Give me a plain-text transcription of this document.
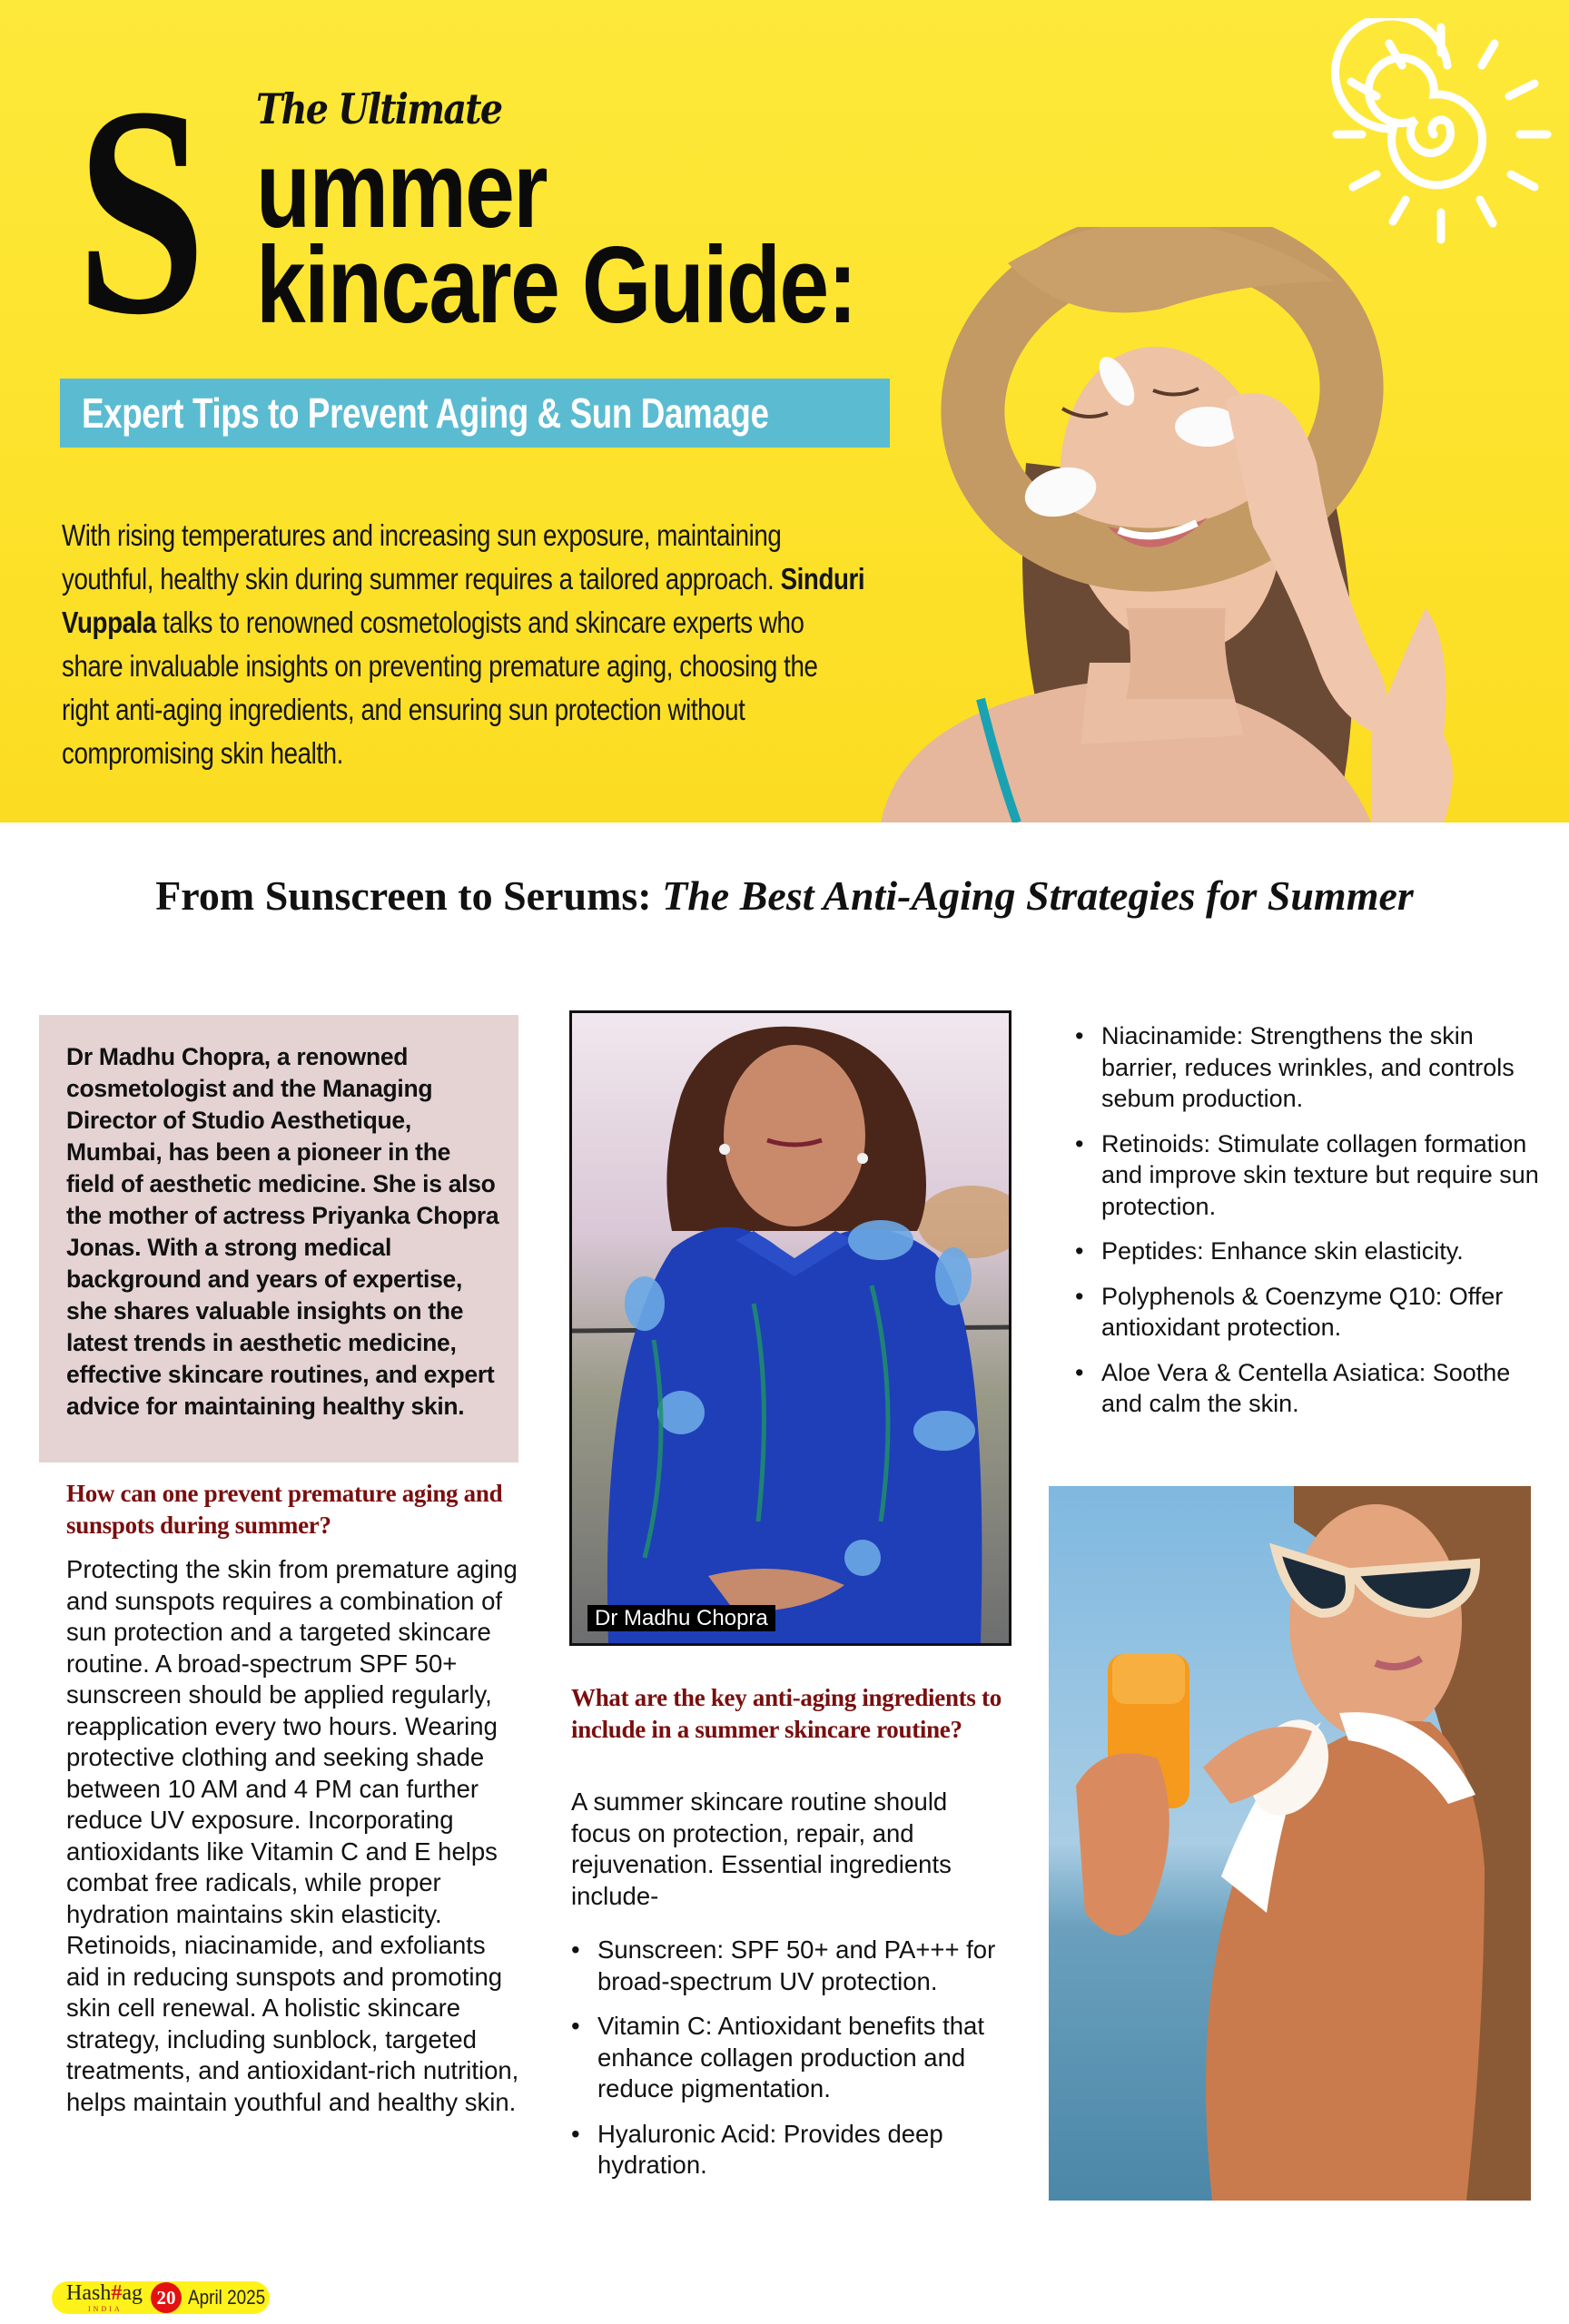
The Ultimate
S ummer
kincare Guide:
Expert Tips to Prevent Aging & Sun Damage
With rising temperatures and increasing sun exposure, maintaining youthful, healthy skin during summer requires a tailored approach. Sinduri Vuppala talks to renowned cosmetologists and skincare experts who share invaluable insights on preventing premature aging, choosing the right anti-aging ingredients, and ensuring sun protection without compromising skin health.
From Sunscreen to Serums: The Best Anti-Aging Strategies for Summer
Dr Madhu Chopra, a renowned cosmetologist and the Managing Director of Studio Aesthetique, Mumbai, has been a pioneer in the field of aesthetic medicine. She is also the mother of actress Priyanka Chopra Jonas. With a strong medical background and years of expertise, she shares valuable insights on the latest trends in aesthetic medicine, effective skincare routines, and expert advice for maintaining healthy skin.
How can one prevent premature aging and sunspots during summer?
Protecting the skin from premature aging and sunspots requires a combination of sun protection and a targeted skincare routine. A broad-spectrum SPF 50+ sunscreen should be applied regularly, reapplication every two hours. Wearing protective clothing and seeking shade between 10 AM and 4 PM can further reduce UV exposure. Incorporating antioxidants like Vitamin C and E helps combat free radicals, while proper hydration maintains skin elasticity. Retinoids, niacinamide, and exfoliants aid in reducing sunspots and promoting skin cell renewal. A holistic skincare strategy, including sunblock, targeted treatments, and antioxidant-rich nutrition, helps maintain youthful and healthy skin.
Dr Madhu Chopra
What are the key anti-aging ingredients to include in a summer skincare routine?
A summer skincare routine should focus on protection, repair, and rejuvenation. Essential ingredients include-
• Sunscreen: SPF 50+ and PA+++ for broad-spectrum UV protection.
• Vitamin C: Antioxidant benefits that enhance collagen production and reduce pigmentation.
• Hyaluronic Acid: Provides deep hydration.
• Niacinamide: Strengthens the skin barrier, reduces wrinkles, and controls sebum production.
• Retinoids: Stimulate collagen formation and improve skin texture but require sun protection.
• Peptides: Enhance skin elasticity.
• Polyphenols & Coenzyme Q10: Offer antioxidant protection.
• Aloe Vera & Centella Asiatica: Soothe and calm the skin.
Hash#ag
INDIA
20 April 2025
